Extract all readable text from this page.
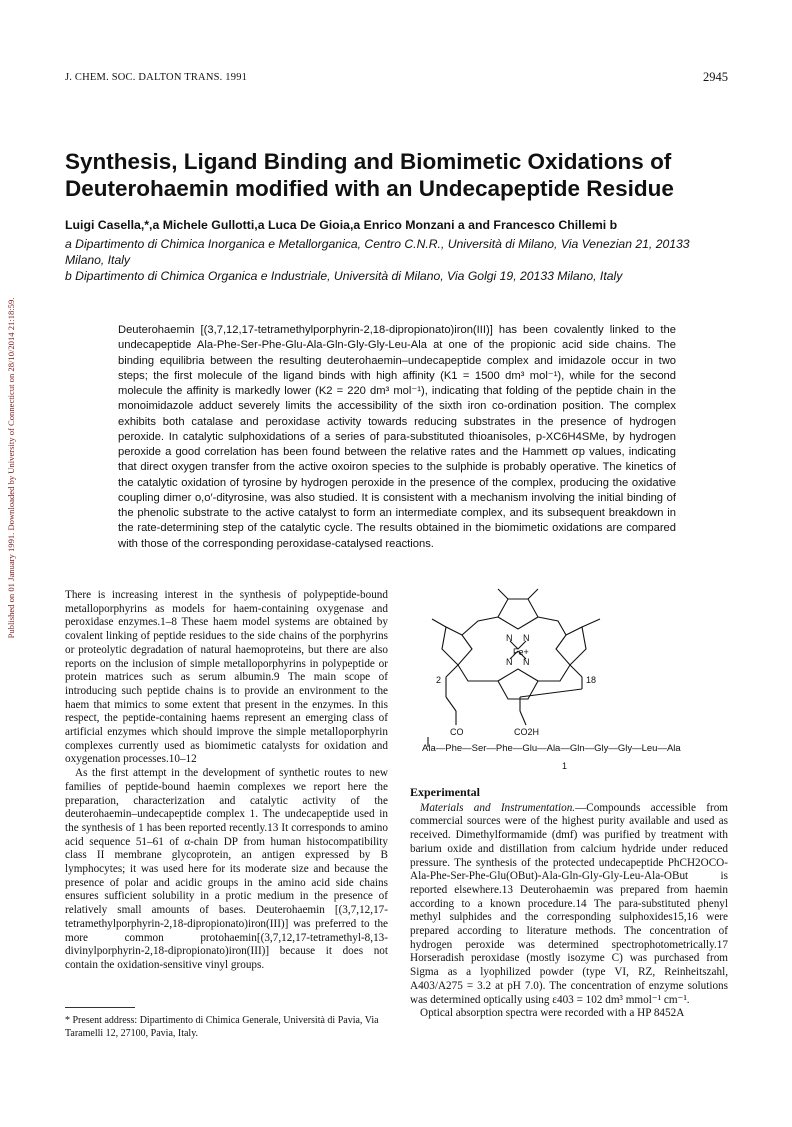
Published on 01 January 1991. Downloaded by University of Connecticut on 28/10/2014 21:18:59.
J. CHEM. SOC. DALTON TRANS. 1991	2945
Synthesis, Ligand Binding and Biomimetic Oxidations of Deuterohaemin modified with an Undecapeptide Residue
Luigi Casella,*,a Michele Gullotti,a Luca De Gioia,a Enrico Monzani a and Francesco Chillemi b
a Dipartimento di Chimica Inorganica e Metallorganica, Centro C.N.R., Università di Milano, Via Venezian 21, 20133 Milano, Italy
b Dipartimento di Chimica Organica e Industriale, Università di Milano, Via Golgi 19, 20133 Milano, Italy
Deuterohaemin [(3,7,12,17-tetramethylporphyrin-2,18-dipropionato)iron(III)] has been covalently linked to the undecapeptide Ala-Phe-Ser-Phe-Glu-Ala-Gln-Gly-Gly-Leu-Ala at one of the propionic acid side chains. The binding equilibria between the resulting deuterohaemin–undecapeptide complex and imidazole occur in two steps; the first molecule of the ligand binds with high affinity (K1 = 1500 dm³ mol⁻¹), while for the second molecule the affinity is markedly lower (K2 = 220 dm³ mol⁻¹), indicating that folding of the peptide chain in the monoimidazole adduct severely limits the accessibility of the sixth iron co-ordination position. The complex exhibits both catalase and peroxidase activity towards reducing substrates in the presence of hydrogen peroxide. In catalytic sulphoxidations of a series of para-substituted thioanisoles, p-XC6H4SMe, by hydrogen peroxide a good correlation has been found between the relative rates and the Hammett σp values, indicating that direct oxygen transfer from the active oxoiron species to the sulphide is probably operative. The kinetics of the catalytic oxidation of tyrosine by hydrogen peroxide in the presence of the complex, producing the oxidative coupling dimer o,o′-dityrosine, was also studied. It is consistent with a mechanism involving the initial binding of the phenolic substrate to the active catalyst to form an intermediate complex, and its subsequent breakdown in the rate-determining step of the catalytic cycle. The results obtained in the biomimetic oxidations are compared with those of the corresponding peroxidase-catalysed reactions.

There is increasing interest in the synthesis of polypeptide-bound metalloporphyrins as models for haem-containing oxygenase and peroxidase enzymes.1–8 These haem model systems are obtained by covalent linking of peptide residues to the side chains of the porphyrins or proteolytic degradation of natural haemoproteins, but there are also reports on the inclusion of simple metalloporphyrins in polypeptide or protein matrices such as serum albumin.9 The main scope of introducing such peptide chains is to provide an environment to the haem that mimics to some extent that present in the enzymes. In this respect, the peptide-containing haems represent an emerging class of artificial enzymes which should improve the simple metalloporphyrin complexes currently used as biomimetic catalysts for oxidation and oxygenation processes.10–12

As the first attempt in the development of synthetic routes to new families of peptide-bound haemin complexes we report here the preparation, characterization and catalytic activity of the deuterohaemin–undecapeptide complex 1. The undecapeptide used in the synthesis of 1 has been reported recently.13 It corresponds to amino acid sequence 51–61 of α-chain DP from human histocompatibility class II membrane glycoprotein, an antigen expressed by B lymphocytes; it was used here for its moderate size and because the presence of polar and acidic groups in the amino acid side chains ensures sufficient solubility in a protic medium in the presence of relatively small amounts of bases. Deuterohaemin [(3,7,12,17-tetramethylporphyrin-2,18-dipropionato)iron(III)] was preferred to the more common protohaemin[(3,7,12,17-tetramethyl-8,13-divinylporphyrin-2,18-dipropionato)iron(III)] because it does not contain the oxidation-sensitive vinyl groups.

* Present address: Dipartimento di Chimica Generale, Università di Pavia, Via Taramelli 12, 27100, Pavia, Italy.
N N
N N
Fe+
2	18
CO	CO2H
Ala—Phe—Ser—Phe—Glu—Ala—Gln—Gly—Gly—Leu—Ala
1
Experimental

Materials and Instrumentation.—Compounds accessible from commercial sources were of the highest purity available and used as received. Dimethylformamide (dmf) was purified by treatment with barium oxide and distillation from calcium hydride under reduced pressure. The synthesis of the protected undecapeptide PhCH2OCO-Ala-Phe-Ser-Phe-Glu(OBut)-Ala-Gln-Gly-Gly-Leu-Ala-OBut is reported elsewhere.13 Deuterohaemin was prepared from haemin according to a known procedure.14 The para-substituted phenyl methyl sulphides and the corresponding sulphoxides15,16 were prepared according to literature methods. The concentration of hydrogen peroxide was determined spectrophotometrically.17 Horseradish peroxidase (mostly isozyme C) was purchased from Sigma as a lyophilized powder (type VI, RZ, Reinheitszahl, A403/A275 = 3.2 at pH 7.0). The concentration of enzyme solutions was determined optically using ε403 = 102 dm³ mmol⁻¹ cm⁻¹.

Optical absorption spectra were recorded with a HP 8452A
